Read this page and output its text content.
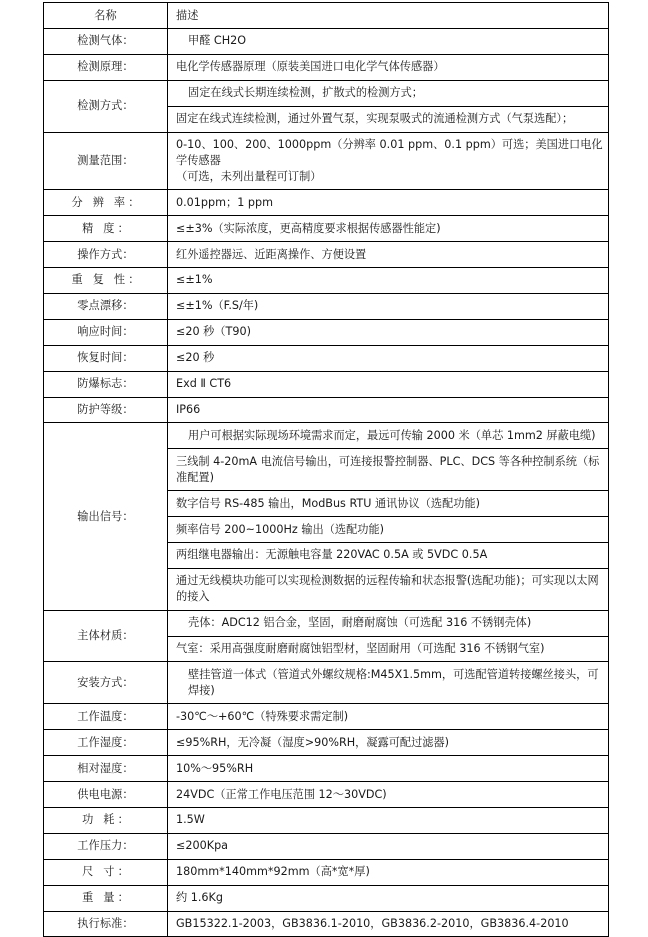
名称	描述

检测气体：	甲醛 CH2O

检测原理：	电化学传感器原理（原装美国进口电化学气体传感器）

检测方式：	固定在线式长期连续检测，扩散式的检测方式；

	固定在线式连续检测，通过外置气泵，实现泵吸式的流通检测方式（气泵选配）；

测量范围：	0-10、100、200、1000ppm（分辨率 0.01 ppm、0.1 ppm）可选；美国进口电化学传感器
（可选，未列出量程可订制）

分 辨 率：	0.01ppm；1 ppm

精 度：	≤±3%（实际浓度，更高精度要求根据传感器性能定)

操作方式：	红外遥控器远、近距离操作、方便设置

重 复 性：	≤±1%

零点漂移：	≤±1%（F.S/年)

响应时间：	≤20 秒（T90)

恢复时间：	≤20 秒

防爆标志：	Exd Ⅱ CT6

防护等级：	IP66

输出信号：	用户可根据实际现场环境需求而定，最远可传输 2000 米（单芯 1mm2 屏蔽电缆)

	三线制 4-20mA 电流信号输出，可连接报警控制器、PLC、DCS 等各种控制系统（标准配置)

	数字信号 RS-485 输出，ModBus RTU 通讯协议（选配功能)

	频率信号 200~1000Hz 输出（选配功能)

	两组继电器输出：无源触电容量 220VAC 0.5A 或 5VDC 0.5A

	通过无线模块功能可以实现检测数据的远程传输和状态报警(选配功能)；可实现以太网的接入

主体材质：	壳体：ADC12 铝合金，坚固，耐磨耐腐蚀（可选配 316 不锈钢壳体)

	气室：采用高强度耐磨耐腐蚀铝型材，坚固耐用（可选配 316 不锈钢气室)

安装方式：	壁挂管道一体式（管道式外螺纹规格:M45X1.5mm，可选配管道转接螺丝接头，可焊接)

工作温度：	-30℃～+60℃（特殊要求需定制)

工作湿度：	≤95%RH，无冷凝（湿度>90%RH，凝露可配过滤器)

相对湿度：	10%～95%RH

供电电源：	24VDC（正常工作电压范围 12～30VDC)

功 耗：	1.5W

工作压力：	≤200Kpa

尺 寸：	180mm*140mm*92mm（高*宽*厚)

重 量：	约 1.6Kg

执行标准：	GB15322.1-2003，GB3836.1-2010，GB3836.2-2010，GB3836.4-2010
